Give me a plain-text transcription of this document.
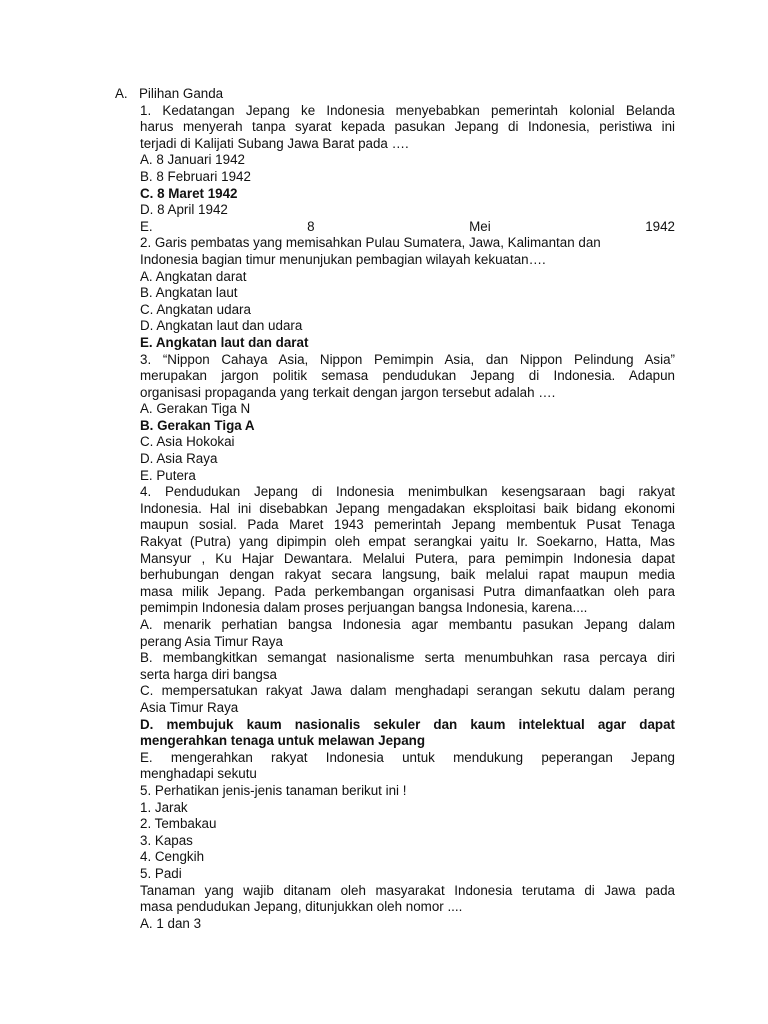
A. Pilihan Ganda
1. Kedatangan Jepang ke Indonesia menyebabkan pemerintah kolonial Belanda
harus menyerah tanpa syarat kepada pasukan Jepang di Indonesia, peristiwa ini
terjadi di Kalijati Subang Jawa Barat pada ….
A. 8 Januari 1942
B. 8 Februari 1942
C. 8 Maret 1942
D. 8 April 1942
E. 8 Mei 1942
2. Garis pembatas yang memisahkan Pulau Sumatera, Jawa, Kalimantan dan
Indonesia bagian timur menunjukan pembagian wilayah kekuatan….
A. Angkatan darat
B. Angkatan laut
C. Angkatan udara
D. Angkatan laut dan udara
E. Angkatan laut dan darat
3. “Nippon Cahaya Asia, Nippon Pemimpin Asia, dan Nippon Pelindung Asia”
merupakan jargon politik semasa pendudukan Jepang di Indonesia. Adapun
organisasi propaganda yang terkait dengan jargon tersebut adalah ….
A. Gerakan Tiga N
B. Gerakan Tiga A
C. Asia Hokokai
D. Asia Raya
E. Putera
4. Pendudukan Jepang di Indonesia menimbulkan kesengsaraan bagi rakyat
Indonesia. Hal ini disebabkan Jepang mengadakan eksploitasi baik bidang ekonomi
maupun sosial. Pada Maret 1943 pemerintah Jepang membentuk Pusat Tenaga
Rakyat (Putra) yang dipimpin oleh empat serangkai yaitu Ir. Soekarno, Hatta, Mas
Mansyur , Ku Hajar Dewantara. Melalui Putera, para pemimpin Indonesia dapat
berhubungan dengan rakyat secara langsung, baik melalui rapat maupun media
masa milik Jepang. Pada perkembangan organisasi Putra dimanfaatkan oleh para
pemimpin Indonesia dalam proses perjuangan bangsa Indonesia, karena....
A. menarik perhatian bangsa Indonesia agar membantu pasukan Jepang dalam
perang Asia Timur Raya
B. membangkitkan semangat nasionalisme serta menumbuhkan rasa percaya diri
serta harga diri bangsa
C. mempersatukan rakyat Jawa dalam menghadapi serangan sekutu dalam perang
Asia Timur Raya
D. membujuk kaum nasionalis sekuler dan kaum intelektual agar dapat
mengerahkan tenaga untuk melawan Jepang
E. mengerahkan rakyat Indonesia untuk mendukung peperangan Jepang
menghadapi sekutu
5. Perhatikan jenis-jenis tanaman berikut ini !
1. Jarak
2. Tembakau
3. Kapas
4. Cengkih
5. Padi
Tanaman yang wajib ditanam oleh masyarakat Indonesia terutama di Jawa pada
masa pendudukan Jepang, ditunjukkan oleh nomor ....
A. 1 dan 3
